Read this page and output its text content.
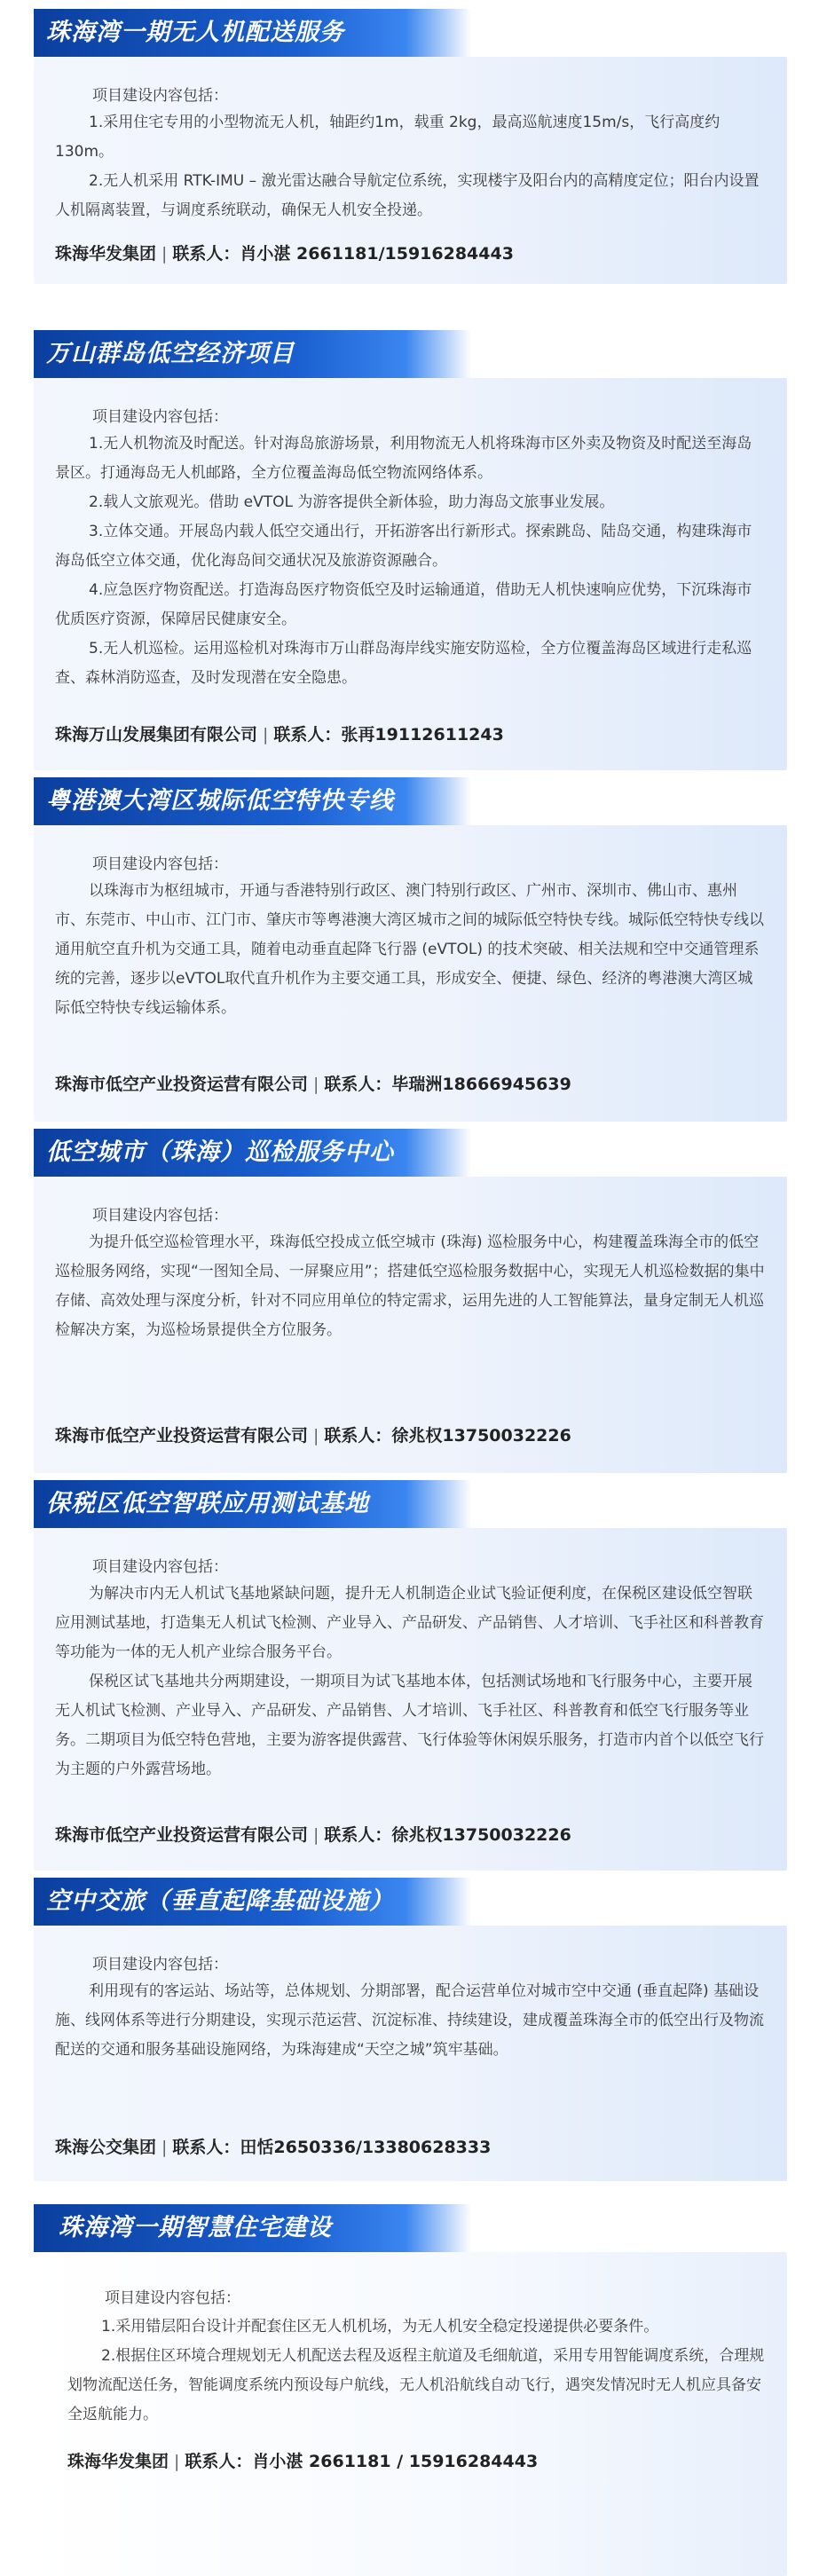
珠海湾一期无人机配送服务

项目建设内容包括：

1.采用住宅专用的小型物流无人机，轴距约1m，载重 2kg，最高巡航速度15m/s，飞行高度约130m。

2.无人机采用 RTK-IMU – 激光雷达融合导航定位系统，实现楼宇及阳台内的高精度定位；阳台内设置人机隔离装置，与调度系统联动，确保无人机安全投递。

珠海华发集团 | 联系人：肖小湛 2661181/15916284443
万山群岛低空经济项目

项目建设内容包括：

1.无人机物流及时配送。针对海岛旅游场景，利用物流无人机将珠海市区外卖及物资及时配送至海岛景区。打通海岛无人机邮路，全方位覆盖海岛低空物流网络体系。

2.载人文旅观光。借助 eVTOL 为游客提供全新体验，助力海岛文旅事业发展。

3.立体交通。开展岛内载人低空交通出行，开拓游客出行新形式。探索跳岛、陆岛交通，构建珠海市海岛低空立体交通，优化海岛间交通状况及旅游资源融合。

4.应急医疗物资配送。打造海岛医疗物资低空及时运输通道，借助无人机快速响应优势，下沉珠海市优质医疗资源，保障居民健康安全。

5.无人机巡检。运用巡检机对珠海市万山群岛海岸线实施安防巡检，全方位覆盖海岛区域进行走私巡查、森林消防巡查，及时发现潜在安全隐患。

珠海万山发展集团有限公司 | 联系人：张再19112611243
粤港澳大湾区城际低空特快专线

项目建设内容包括：

以珠海市为枢纽城市，开通与香港特别行政区、澳门特别行政区、广州市、深圳市、佛山市、惠州市、东莞市、中山市、江门市、肇庆市等粤港澳大湾区城市之间的城际低空特快专线。城际低空特快专线以通用航空直升机为交通工具，随着电动垂直起降飞行器 (eVTOL) 的技术突破、相关法规和空中交通管理系统的完善，逐步以eVTOL取代直升机作为主要交通工具，形成安全、便捷、绿色、经济的粤港澳大湾区城际低空特快专线运输体系。

珠海市低空产业投资运营有限公司 | 联系人：毕瑞洲18666945639
低空城市（珠海）巡检服务中心

项目建设内容包括：

为提升低空巡检管理水平，珠海低空投成立低空城市 (珠海) 巡检服务中心，构建覆盖珠海全市的低空巡检服务网络，实现“一图知全局、一屏聚应用”；搭建低空巡检服务数据中心，实现无人机巡检数据的集中存储、高效处理与深度分析，针对不同应用单位的特定需求，运用先进的人工智能算法，量身定制无人机巡检解决方案，为巡检场景提供全方位服务。

珠海市低空产业投资运营有限公司 | 联系人：徐兆权13750032226
保税区低空智联应用测试基地

项目建设内容包括：

为解决市内无人机试飞基地紧缺问题，提升无人机制造企业试飞验证便利度，在保税区建设低空智联应用测试基地，打造集无人机试飞检测、产业导入、产品研发、产品销售、人才培训、飞手社区和科普教育等功能为一体的无人机产业综合服务平台。

保税区试飞基地共分两期建设，一期项目为试飞基地本体，包括测试场地和飞行服务中心，主要开展无人机试飞检测、产业导入、产品研发、产品销售、人才培训、飞手社区、科普教育和低空飞行服务等业务。二期项目为低空特色营地，主要为游客提供露营、飞行体验等休闲娱乐服务，打造市内首个以低空飞行为主题的户外露营场地。

珠海市低空产业投资运营有限公司 | 联系人：徐兆权13750032226
空中交旅（垂直起降基础设施）

项目建设内容包括：

利用现有的客运站、场站等，总体规划、分期部署，配合运营单位对城市空中交通 (垂直起降) 基础设施、线网体系等进行分期建设，实现示范运营、沉淀标准、持续建设，建成覆盖珠海全市的低空出行及物流配送的交通和服务基础设施网络，为珠海建成“天空之城”筑牢基础。

珠海公交集团 | 联系人：田恬2650336/13380628333
珠海湾一期智慧住宅建设

项目建设内容包括：

1.采用错层阳台设计并配套住区无人机机场，为无人机安全稳定投递提供必要条件。

2.根据住区环境合理规划无人机配送去程及返程主航道及毛细航道，采用专用智能调度系统，合理规划物流配送任务，智能调度系统内预设每户航线，无人机沿航线自动飞行，遇突发情况时无人机应具备安全返航能力。

珠海华发集团 | 联系人：肖小湛 2661181 / 15916284443
